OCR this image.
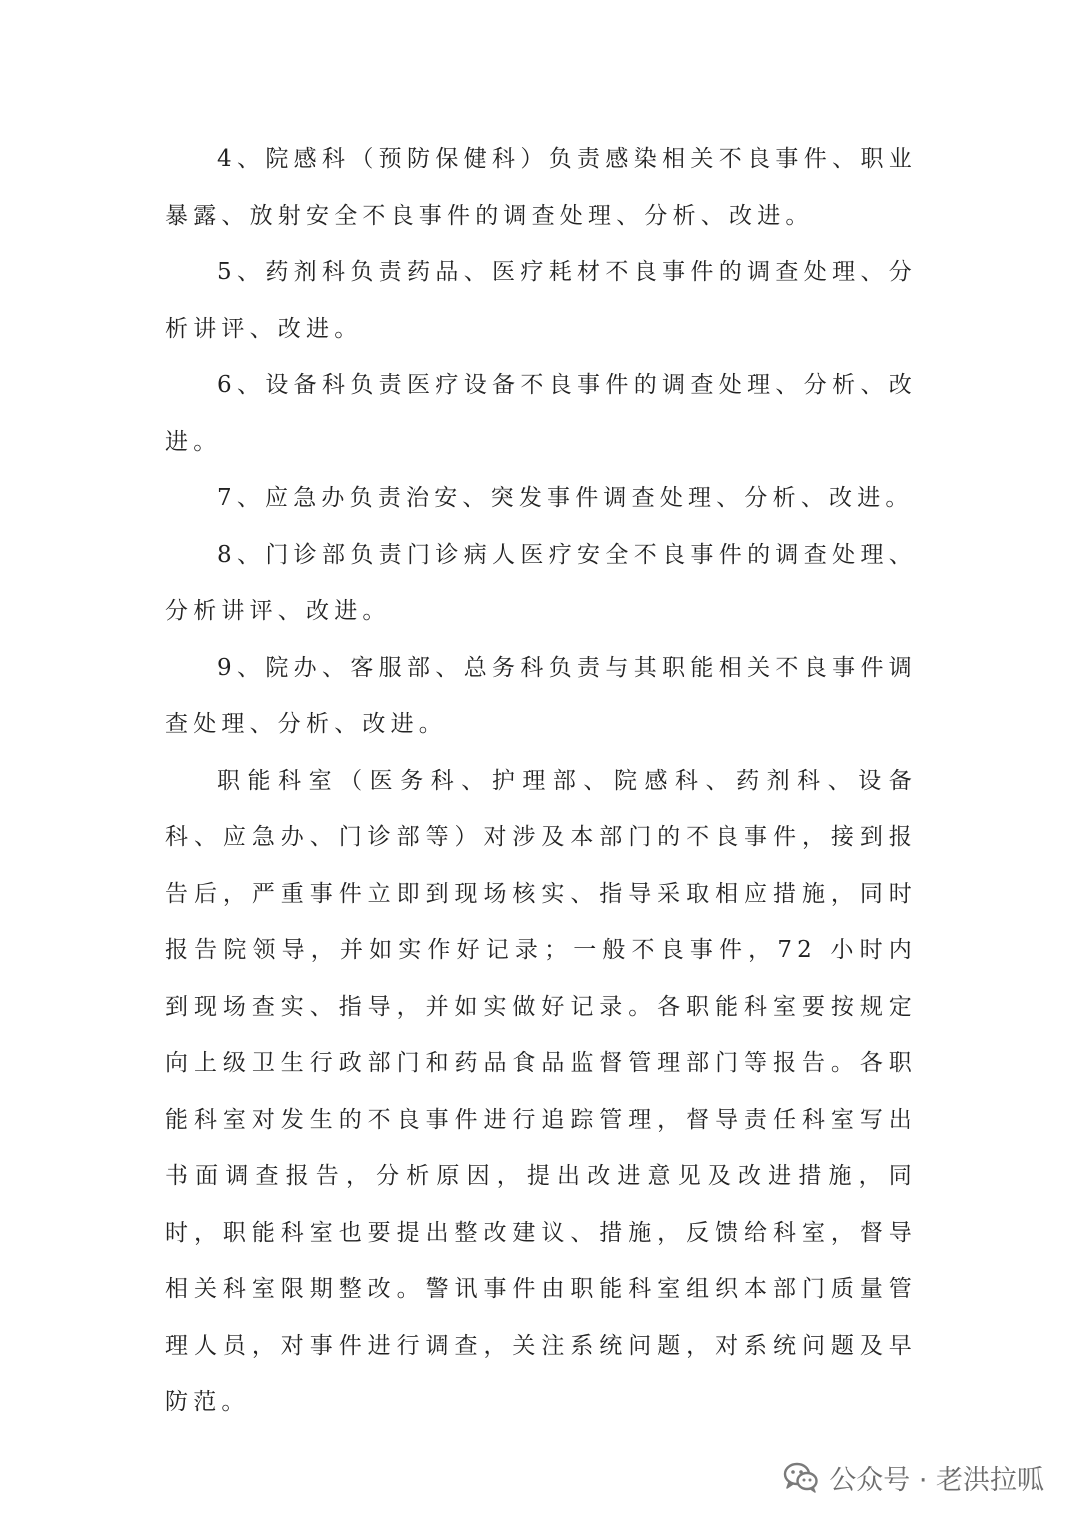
4、院感科（预防保健科）负责感染相关不良事件、职业暴露、放射安全不良事件的调查处理、分析、改进。

5、药剂科负责药品、医疗耗材不良事件的调查处理、分析讲评、改进。

6、设备科负责医疗设备不良事件的调查处理、分析、改进。

7、应急办负责治安、突发事件调查处理、分析、改进。

8、门诊部负责门诊病人医疗安全不良事件的调查处理、分析讲评、改进。

9、院办、客服部、总务科负责与其职能相关不良事件调查处理、分析、改进。

职能科室（医务科、护理部、院感科、药剂科、设备科、应急办、门诊部等）对涉及本部门的不良事件，接到报告后，严重事件立即到现场核实、指导采取相应措施，同时报告院领导，并如实作好记录；一般不良事件，72 小时内到现场查实、指导，并如实做好记录。各职能科室要按规定向上级卫生行政部门和药品食品监督管理部门等报告。各职能科室对发生的不良事件进行追踪管理，督导责任科室写出书面调查报告，分析原因，提出改进意见及改进措施，同时，职能科室也要提出整改建议、措施，反馈给科室，督导相关科室限期整改。警讯事件由职能科室组织本部门质量管理人员，对事件进行调查，关注系统问题，对系统问题及早防范。

公众号 · 老洪拉呱
